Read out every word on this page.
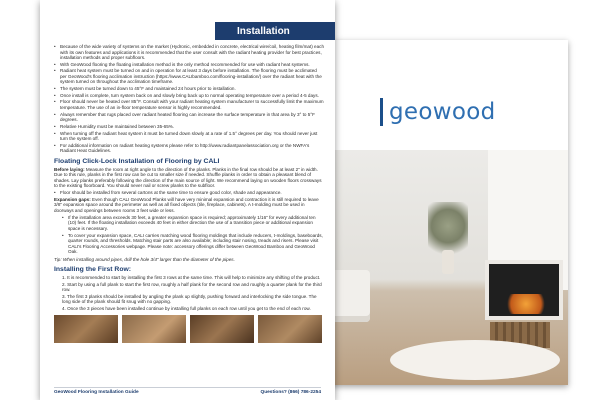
geowood
Installation
• Because of the wide variety of systems on the market (Hydronic, embedded in concrete, electrical wire/coil, heating film/mat) each with its own features and applications it is recommended that the user consult with the radiant heating provider for best practices, installation methods and proper subfloors.
• With GeoWood flooring the floating installation method is the only method recommended for use with radiant heat systems.
• Radiant heat system must be turned on and in operation for at least 3 days before installation. The flooring must be acclimated per GeoWood's flooring acclimation instruction (https://www.CALIbamboo.com/flooring-installation/) over the radiant heat with the system turned on throughout the acclimation timeframe.
• The system must be turned down to 45°F and maintained 24 hours prior to installation.
• Once install is complete, turn system back on and slowly bring back up to normal operating temperature over a period 4-5 days.
• Floor should never be heated over 85°F. Consult with your radiant heating system manufacturer to successfully limit the maximum temperature. The use of an in-floor temperature sensor is highly recommended.
• Always remember that rugs placed over radiant heated flooring can increase the surface temperature in that area by 3° to 5°F degrees.
• Relative Humidity must be maintained between 35-65%.
• When turning off the radiant heat system it must be turned down slowly at a rate of 1.5° degrees per day. You should never just turn the system off.
• For additional information on radiant heating systems please refer to http://www.radiantpanelassociation.org or the NWFA's Radiant Heat Guidelines.
Floating Click-Lock Installation of Flooring by CALI

Before laying: Measure the room at right angle to the direction of the planks. Planks in the final row should be at least 2" in width. Due to this rule, planks in the first row can be cut to smaller size if needed. Shuffle planks in order to obtain a pleasant blend of shades. Lay planks preferably following the direction of the main source of light. We recommend laying on wooden floors crossways to the existing floorboard. You should never nail or screw planks to the subfloor.

• Floor should be installed from several cartons at the same time to ensure good color, shade and appearance.

Expansion gaps: Even though CALI GeoWood Planks will have very minimal expansion and contraction it is still required to leave 3/8" expansion space around the perimeter as well as all fixed objects (tile, fireplace, cabinets). A t-molding must be used in doorways and openings between rooms 3 feet wide or less.

• If the installation area exceeds 30 feet, a greater expansion space is required; approximately 1/16" for every additional ten (10) feet. If the floating installation exceeds 40 feet in either direction the use of a transition piece or additional expansion space is necessary.
• To cover your expansion space, CALI carries matching wood flooring moldings that include reducers, t-moldings, baseboards, quarter rounds, and thresholds. Matching stair parts are also available; including stair nosing, treads and risers. Please visit CALI's Flooring Accessories webpage. Please note: accessory offerings differ between GeoWood Bamboo and GeoWood Oak.

Tip: When installing around pipes, drill the hole 3/4" larger than the diameter of the pipes.

Installing the First Row:
1. It is recommended to start by installing the first 3 rows at the same time. This will help to minimize any shifting of the product.
2. Start by using a full plank to start the first row, roughly a half plank for the second row and roughly a quarter plank for the third row.
3. The first 3 planks should be installed by angling the plank up slightly, pushing forward and interlocking the side tongue. The long side of the plank should fit snug with no gapping.
4. Once the 3 pieces have been installed continue by installing full planks on each row until you get to the end of each row.
GeoWood Flooring Installation Guide	Questions? (866) 786-2254
